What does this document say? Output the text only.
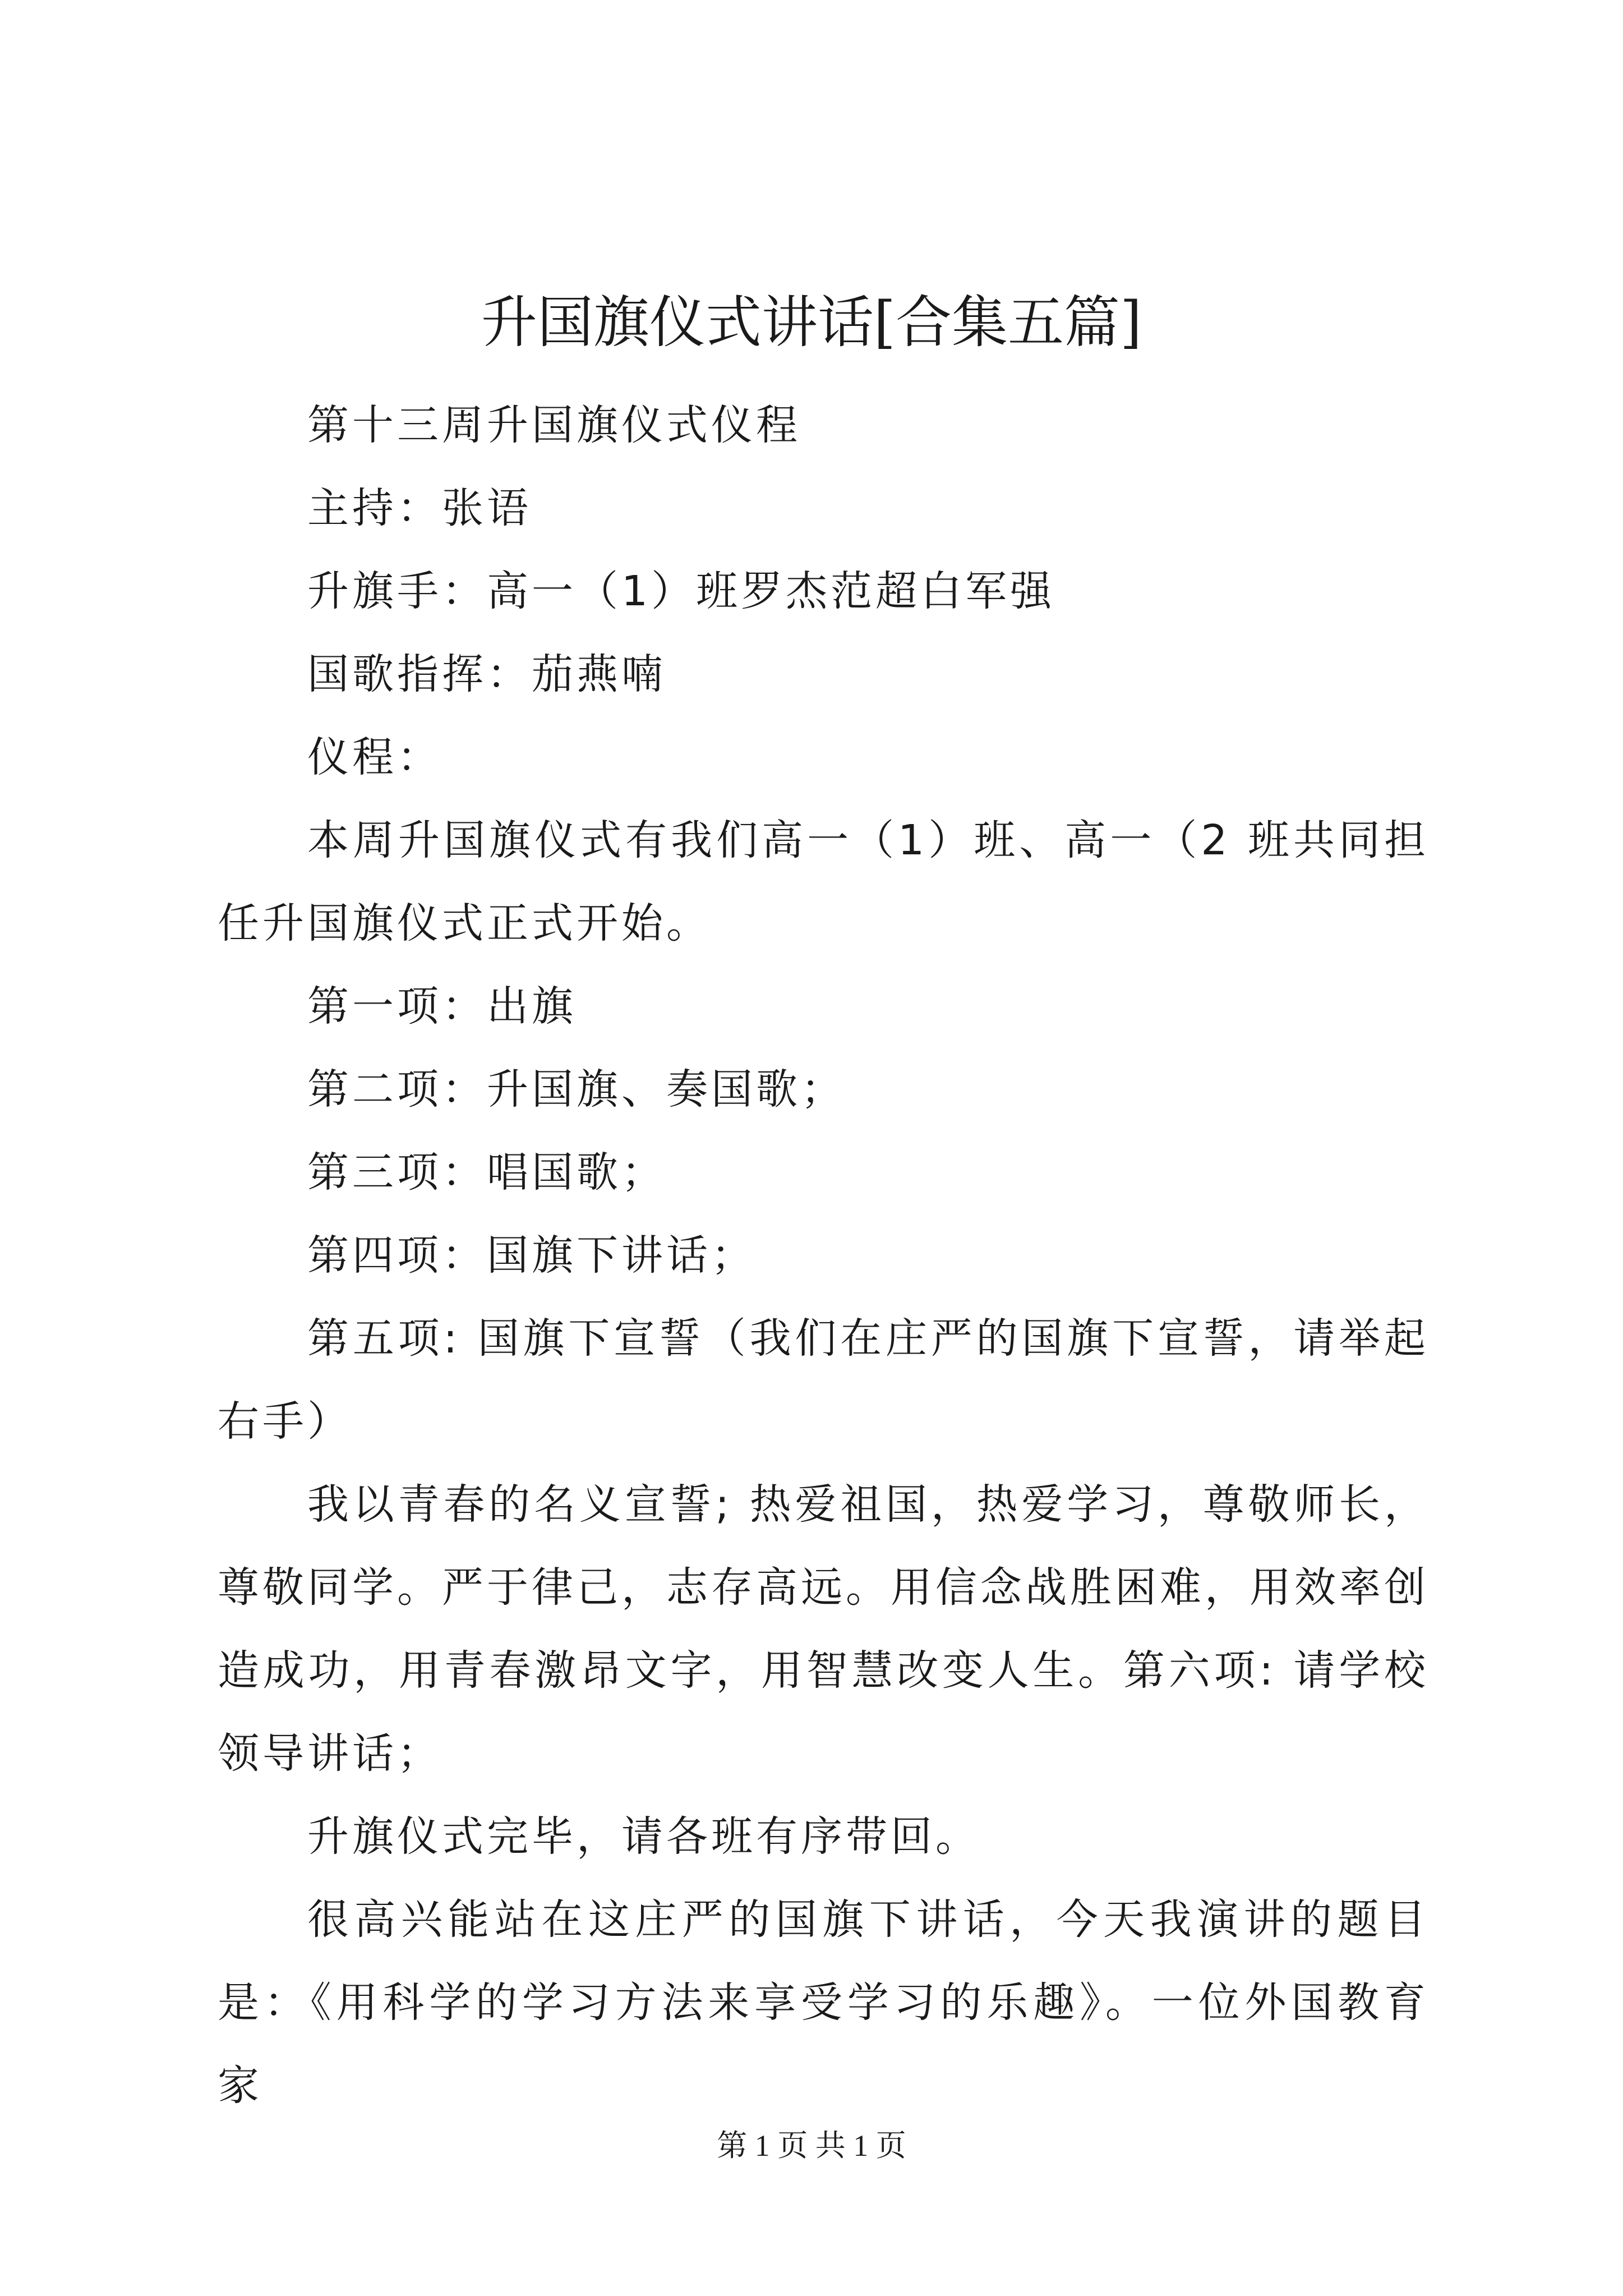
升国旗仪式讲话[合集五篇]

第十三周升国旗仪式仪程

主持：张语

升旗手：高一（1）班罗杰范超白军强

国歌指挥：茄燕喃

仪程：

本周升国旗仪式有我们高一（1）班、高一（2 班共同担任升国旗仪式正式开始。

第一项：出旗

第二项：升国旗、奏国歌；

第三项：唱国歌；

第四项：国旗下讲话；

第五项: 国旗下宣誓（我们在庄严的国旗下宣誓，请举起右手）

我以青春的名义宣誓; 热爱祖国，热爱学习，尊敬师长，尊敬同学。严于律己，志存高远。用信念战胜困难，用效率创造成功，用青春激昂文字，用智慧改变人生。第六项: 请学校领导讲话；

升旗仪式完毕，请各班有序带回。

很高兴能站在这庄严的国旗下讲话，今天我演讲的题目是：《用科学的学习方法来享受学习的乐趣》。一位外国教育家

第 1 页 共 1 页
